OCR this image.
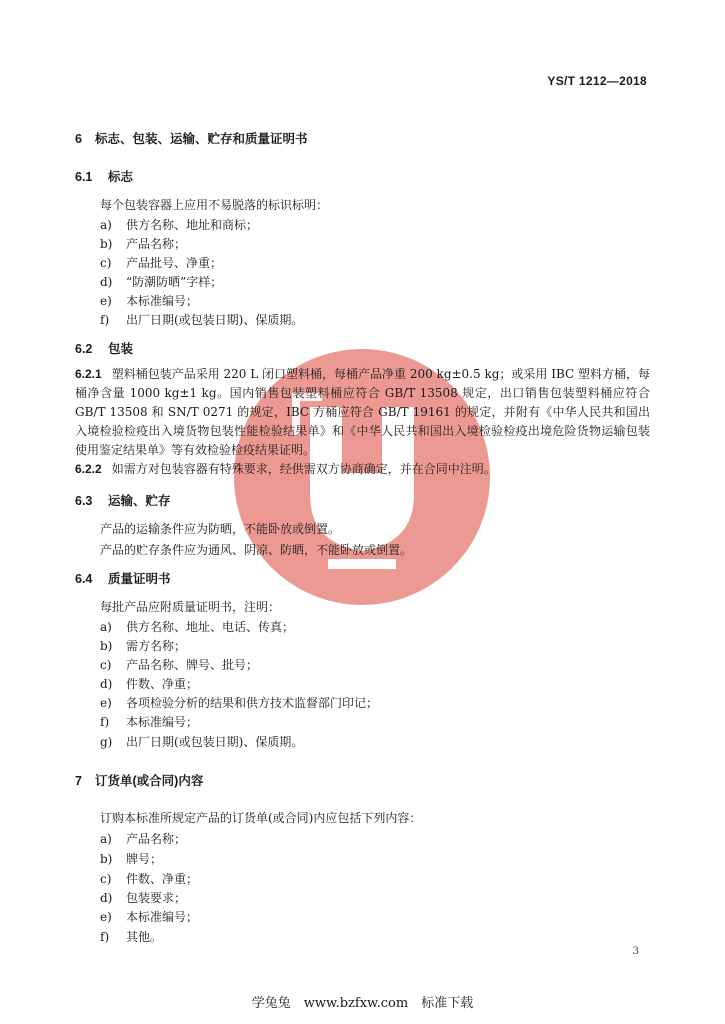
YS/T 1212—2018
6 标志、包装、运输、贮存和质量证明书
6.1 标志
每个包装容器上应用不易脱落的标识标明：
a) 供方名称、地址和商标；
b) 产品名称；
c) 产品批号、净重；
d) “防潮防晒”字样；
e) 本标准编号；
f) 出厂日期(或包装日期)、保质期。
6.2 包装
6.2.1 塑料桶包装产品采用 220 L 闭口塑料桶，每桶产品净重 200 kg±0.5 kg；或采用 IBC 塑料方桶，每桶净含量 1000 kg±1 kg。国内销售包装塑料桶应符合 GB/T 13508 规定，出口销售包装塑料桶应符合 GB/T 13508 和 SN/T 0271 的规定，IBC 方桶应符合 GB/T 19161 的规定，并附有《中华人民共和国出入境检验检疫出入境货物包装性能检验结果单》和《中华人民共和国出入境检验检疫出境危险货物运输包装使用鉴定结果单》等有效检验检疫结果证明。
6.2.2 如需方对包装容器有特殊要求，经供需双方协商确定，并在合同中注明。
6.3 运输、贮存
产品的运输条件应为防晒，不能卧放或倒置。
产品的贮存条件应为通风、阴凉、防晒，不能卧放或倒置。
6.4 质量证明书
每批产品应附质量证明书，注明：
a) 供方名称、地址、电话、传真；
b) 需方名称；
c) 产品名称、牌号、批号；
d) 件数、净重；
e) 各项检验分析的结果和供方技术监督部门印记；
f) 本标准编号；
g) 出厂日期(或包装日期)、保质期。
7 订货单(或合同)内容
订购本标准所规定产品的订货单(或合同)内应包括下列内容：
a) 产品名称；
b) 牌号；
c) 件数、净重；
d) 包装要求；
e) 本标准编号；
f) 其他。
3
学兔兔　www.bzfxw.com　标准下载
